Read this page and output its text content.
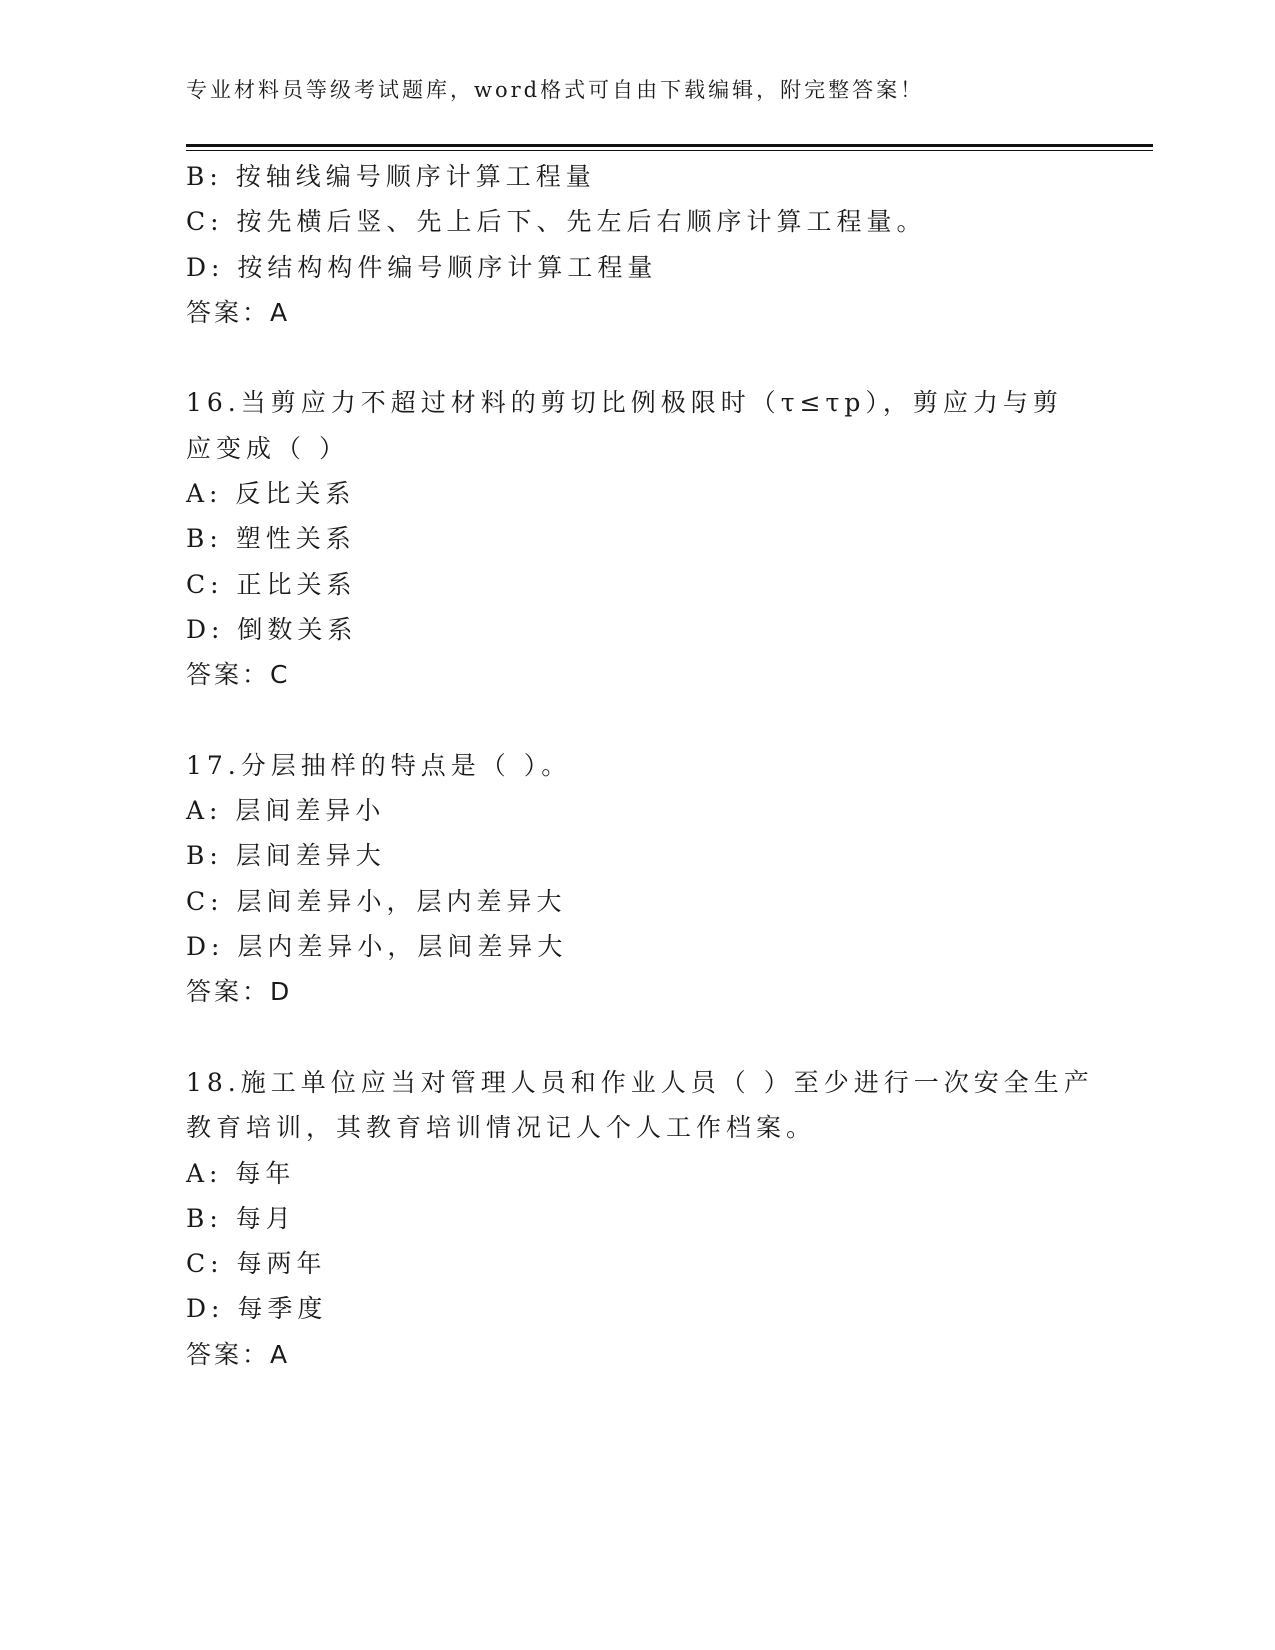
专业材料员等级考试题库，word格式可自由下载编辑，附完整答案！
B: 按轴线编号顺序计算工程量
C: 按先横后竖、先上后下、先左后右顺序计算工程量。
D: 按结构构件编号顺序计算工程量
答案：A
16.当剪应力不超过材料的剪切比例极限时（τ≤τp），剪应力与剪
应变成（ ）
A: 反比关系
B: 塑性关系
C: 正比关系
D: 倒数关系
答案：C
17.分层抽样的特点是（ ）。
A: 层间差异小
B: 层间差异大
C: 层间差异小，层内差异大
D: 层内差异小，层间差异大
答案：D
18.施工单位应当对管理人员和作业人员（ ）至少进行一次安全生产
教育培训，其教育培训情况记人个人工作档案。
A: 每年
B: 每月
C: 每两年
D: 每季度
答案：A
